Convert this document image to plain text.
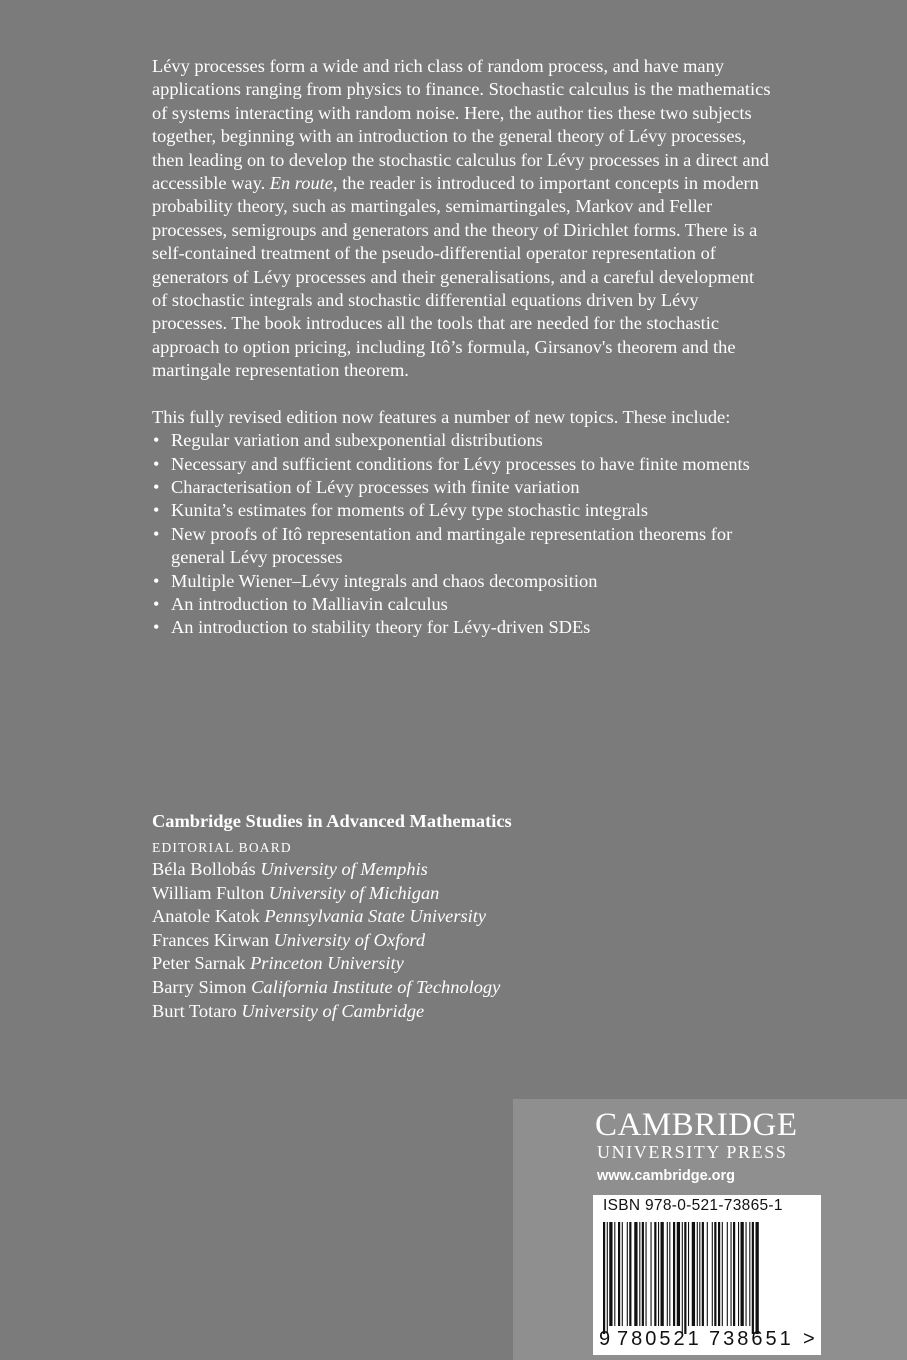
Lévy processes form a wide and rich class of random process, and have many applications ranging from physics to finance. Stochastic calculus is the mathematics of systems interacting with random noise. Here, the author ties these two subjects together, beginning with an introduction to the general theory of Lévy processes, then leading on to develop the stochastic calculus for Lévy processes in a direct and accessible way. En route, the reader is introduced to important concepts in modern probability theory, such as martingales, semimartingales, Markov and Feller processes, semigroups and generators and the theory of Dirichlet forms. There is a self-contained treatment of the pseudo-differential operator representation of generators of Lévy processes and their generalisations, and a careful development of stochastic integrals and stochastic differential equations driven by Lévy processes. The book introduces all the tools that are needed for the stochastic approach to option pricing, including Itô’s formula, Girsanov's theorem and the martingale representation theorem.

This fully revised edition now features a number of new topics. These include:

• Regular variation and subexponential distributions
• Necessary and sufficient conditions for Lévy processes to have finite moments
• Characterisation of Lévy processes with finite variation
• Kunita’s estimates for moments of Lévy type stochastic integrals
• New proofs of Itô representation and martingale representation theorems for general Lévy processes
• Multiple Wiener–Lévy integrals and chaos decomposition
• An introduction to Malliavin calculus
• An introduction to stability theory for Lévy-driven SDEs

Cambridge Studies in Advanced Mathematics

EDITORIAL BOARD

Béla Bollobás University of Memphis
William Fulton University of Michigan
Anatole Katok Pennsylvania State University
Frances Kirwan University of Oxford
Peter Sarnak Princeton University
Barry Simon California Institute of Technology
Burt Totaro University of Cambridge
CAMBRIDGE
UNIVERSITY PRESS
www.cambridge.org
ISBN 978-0-521-73865-1
9 780521 738651 >
